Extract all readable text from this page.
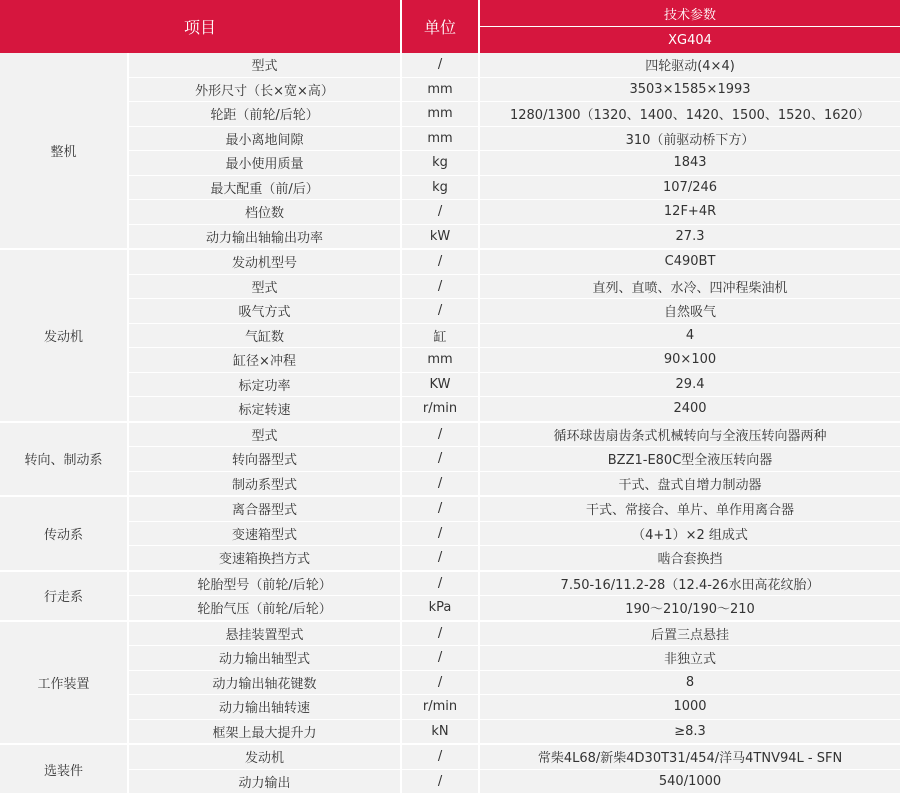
项目		单位	技术参数
			XG404
整机	型式	/	四轮驱动(4×4)
	外形尺寸（长×宽×高）	mm	3503×1585×1993
	轮距（前轮/后轮）	mm	1280/1300（1320、1400、1420、1500、1520、1620）
	最小离地间隙	mm	310（前驱动桥下方）
	最小使用质量	kg	1843
	最大配重（前/后）	kg	107/246
	档位数	/	12F+4R
	动力输出轴输出功率	kW	27.3
发动机	发动机型号	/	C490BT
	型式	/	直列、直喷、水冷、四冲程柴油机
	吸气方式	/	自然吸气
	气缸数	缸	4
	缸径×冲程	mm	90×100
	标定功率	KW	29.4
	标定转速	r/min	2400
转向、制动系	型式	/	循环球齿扇齿条式机械转向与全液压转向器两种
	转向器型式	/	BZZ1-E80C型全液压转向器
	制动系型式	/	干式、盘式自增力制动器
传动系	离合器型式	/	干式、常接合、单片、单作用离合器
	变速箱型式	/	（4+1）×2 组成式
	变速箱换挡方式	/	啮合套换挡
行走系	轮胎型号（前轮/后轮）	/	7.50-16/11.2-28（12.4-26水田高花纹胎）
	轮胎气压（前轮/后轮）	kPa	190～210/190～210
工作装置	悬挂装置型式	/	后置三点悬挂
	动力输出轴型式	/	非独立式
	动力输出轴花键数	/	8
	动力输出轴转速	r/min	1000
	框架上最大提升力	kN	≥8.3
选装件	发动机	/	常柴4L68/新柴4D30T31/454/洋马4TNV94L - SFN
	动力输出	/	540/1000
